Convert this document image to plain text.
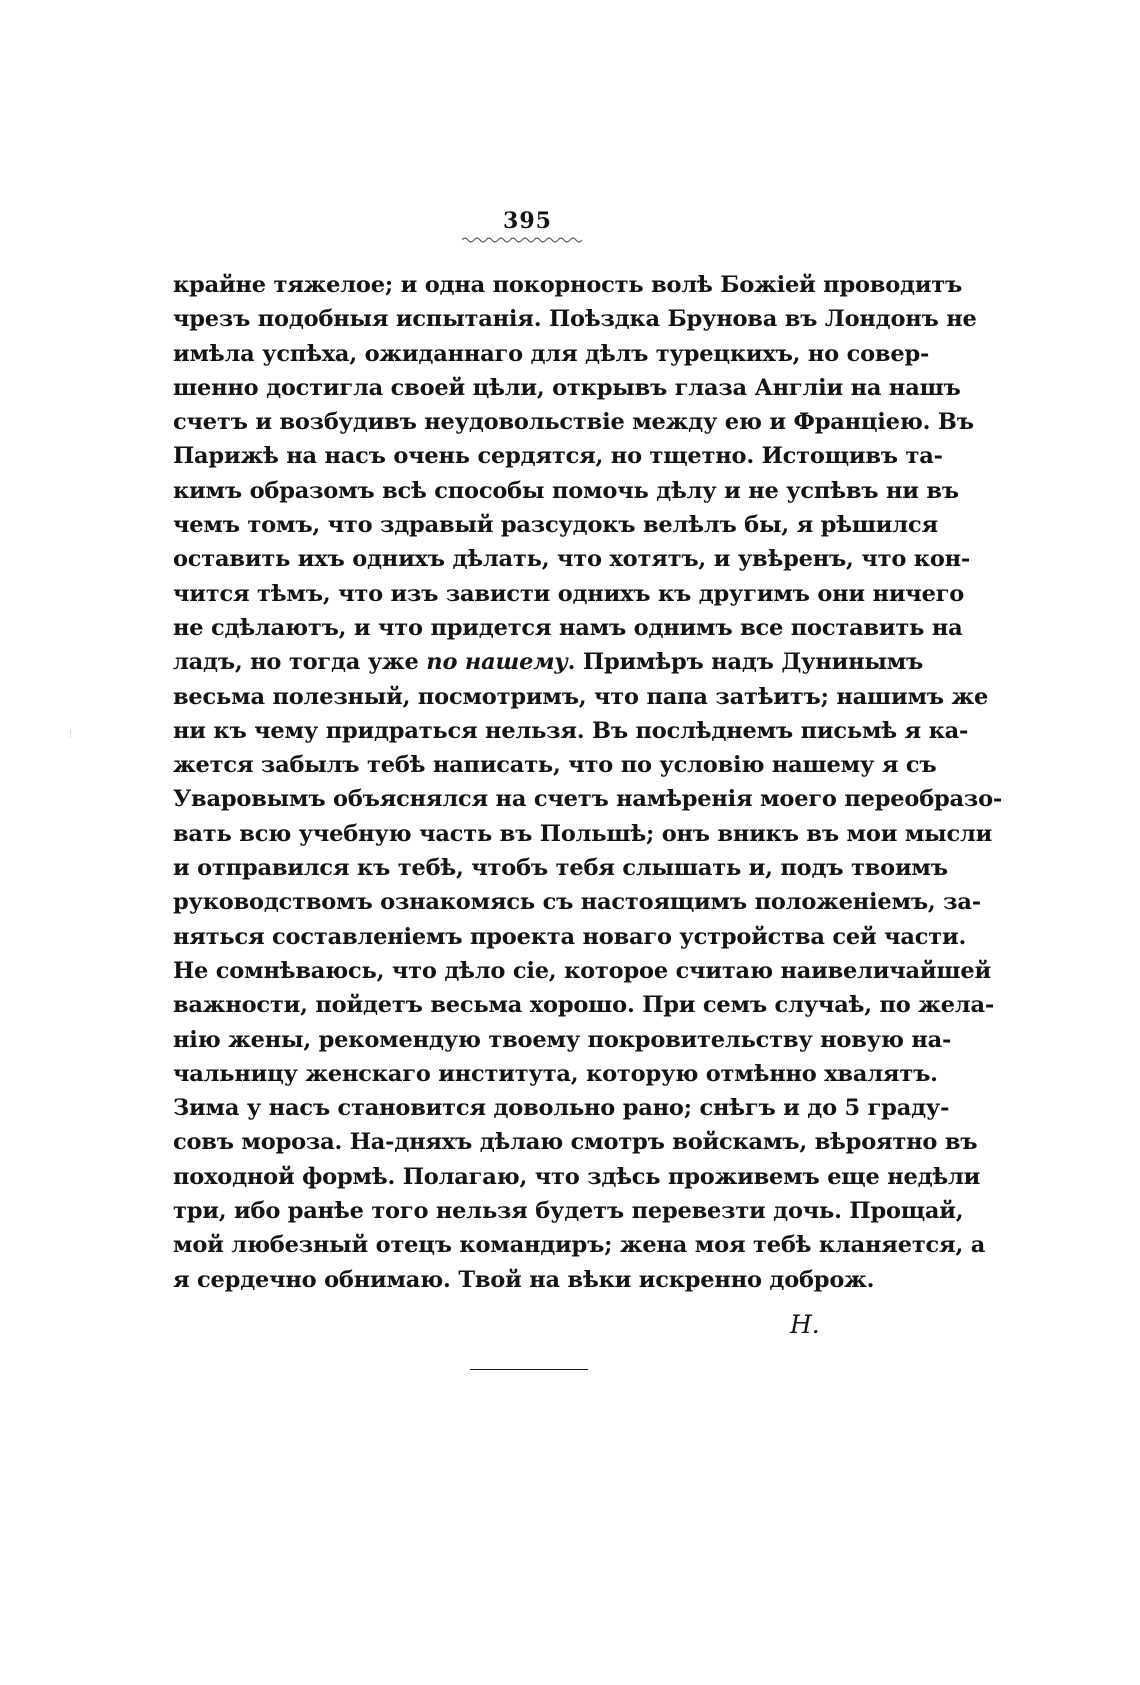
395
крайне тяжелое; и одна покорность волѣ Божіей проводитъ
чрезъ подобныя испытанія. Поѣздка Брунова въ Лондонъ не
имѣла успѣха, ожиданнаго для дѣлъ турецкихъ, но совер-
шенно достигла своей цѣли, открывъ глаза Англіи на нашъ
счетъ и возбудивъ неудовольствіе между ею и Франціею. Въ
Парижѣ на насъ очень сердятся, но тщетно. Истощивъ та-
кимъ образомъ всѣ способы помочь дѣлу и не успѣвъ ни въ
чемъ томъ, что здравый разсудокъ велѣлъ бы, я рѣшился
оставить ихъ однихъ дѣлать, что хотятъ, и увѣренъ, что кон-
чится тѣмъ, что изъ зависти однихъ къ другимъ они ничего
не сдѣлаютъ, и что придется намъ однимъ все поставить на
ладъ, но тогда уже по нашему. Примѣръ надъ Дунинымъ
весьма полезный, посмотримъ, что папа затѣитъ; нашимъ же
ни къ чему придраться нельзя. Въ послѣднемъ письмѣ я ка-
жется забылъ тебѣ написать, что по условію нашему я съ
Уваровымъ объяснялся на счетъ намѣренія моего переобразо-
вать всю учебную часть въ Польшѣ; онъ вникъ въ мои мысли
и отправился къ тебѣ, чтобъ тебя слышать и, подъ твоимъ
руководствомъ ознакомясь съ настоящимъ положеніемъ, за-
няться составленіемъ проекта новаго устройства сей части.
Не сомнѣваюсь, что дѣло сіе, которое считаю наивеличайшей
важности, пойдетъ весьма хорошо. При семъ случаѣ, по жела-
нію жены, рекомендую твоему покровительству новую на-
чальницу женскаго института, которую отмѣнно хвалятъ.
Зима у насъ становится довольно рано; снѣгъ и до 5 граду-
совъ мороза. На-дняхъ дѣлаю смотръ войскамъ, вѣроятно въ
походной формѣ. Полагаю, что здѣсь проживемъ еще недѣли
три, ибо ранѣе того нельзя будетъ перевезти дочь. Прощай,
мой любезный отецъ командиръ; жена моя тебѣ кланяется, а
я сердечно обнимаю. Твой на вѣки искренно доброж.
Н.
